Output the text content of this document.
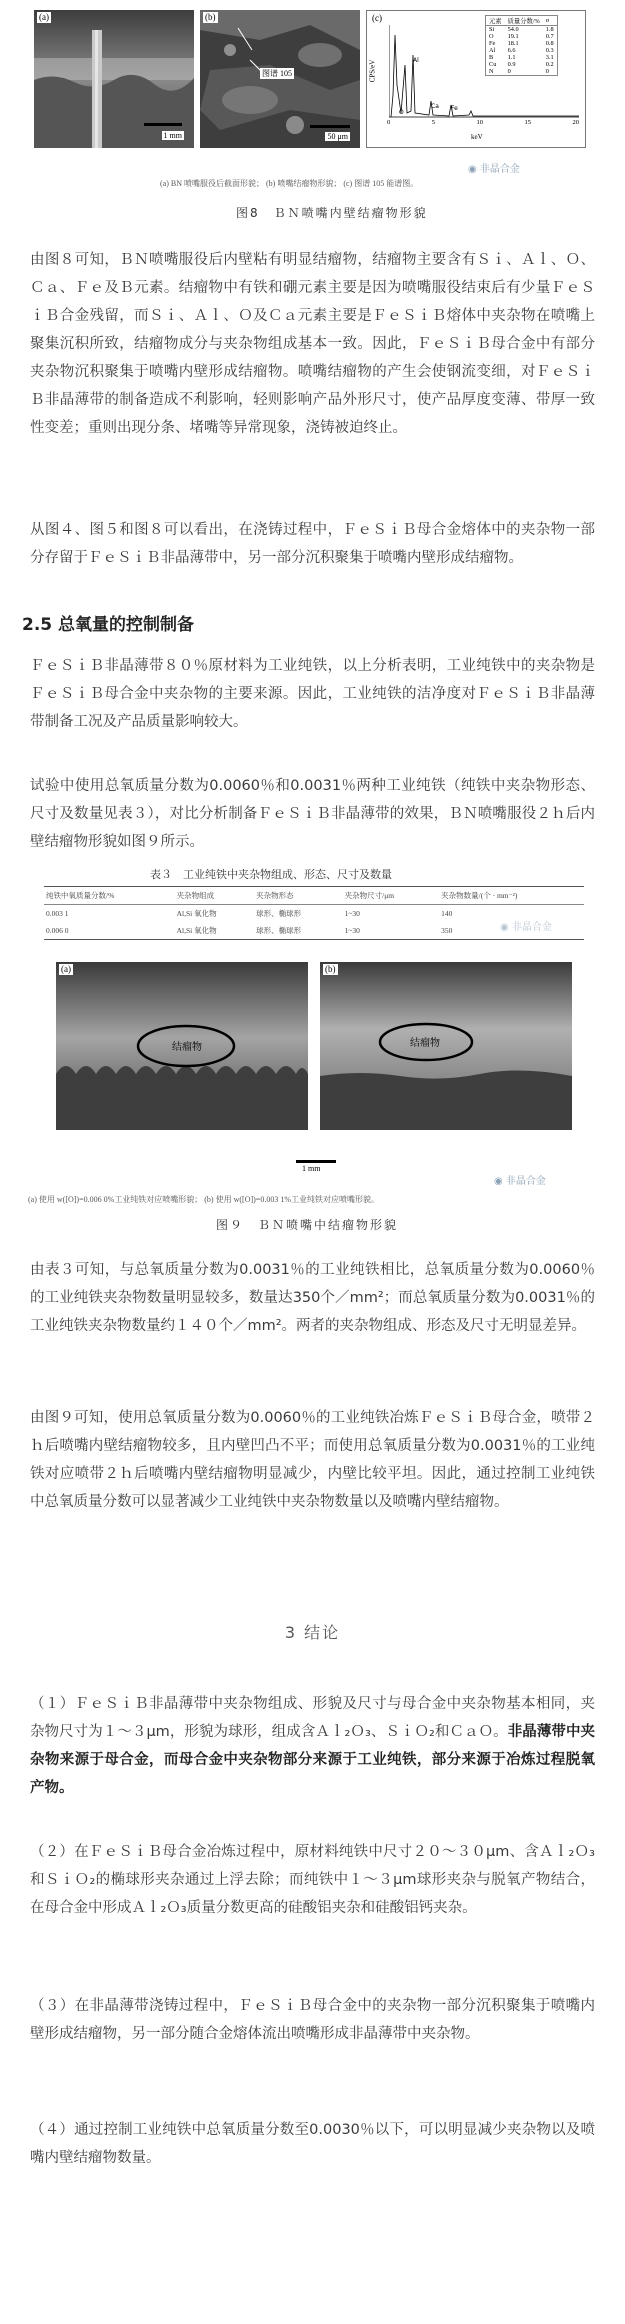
(a)
1 mm
(b)
图谱 105
50 μm
(c)
CPS/eV
O
Al
Ca Fe
0	5	10	15	20
keV
元素	质量分数/%	σ
Si	54.0	1.8
O	19.1	0.7
Fe	18.1	0.8
Al	6.6	0.3
B	1.1	3.1
Cu	0.9	0.2
N	0	0
(a) BN 喷嘴服役后截面形貌； (b) 喷嘴结瘤物形貌； (c) 图谱 105 能谱图。
◉ 非晶合金
图8　ＢＮ喷嘴内壁结瘤物形貌

由图８可知，ＢＮ喷嘴服役后内壁粘有明显结瘤物，结瘤物主要含有Ｓｉ、Ａｌ、Ｏ、Ｃａ、Ｆｅ及Ｂ元素。结瘤物中有铁和硼元素主要是因为喷嘴服役结束后有少量ＦｅＳｉＢ合金残留，而Ｓｉ、Ａｌ、Ｏ及Ｃａ元素主要是ＦｅＳｉＢ熔体中夹杂物在喷嘴上聚集沉积所致，结瘤物成分与夹杂物组成基本一致。因此，ＦｅＳｉＢ母合金中有部分夹杂物沉积聚集于喷嘴内壁形成结瘤物。喷嘴结瘤物的产生会使钢流变细，对ＦｅＳｉＢ非晶薄带的制备造成不利影响，轻则影响产品外形尺寸，使产品厚度变薄、带厚一致性变差；重则出现分条、堵嘴等异常现象，浇铸被迫终止。

从图４、图５和图８可以看出，在浇铸过程中，ＦｅＳｉＢ母合金熔体中的夹杂物一部分存留于ＦｅＳｉＢ非晶薄带中，另一部分沉积聚集于喷嘴内壁形成结瘤物。

2.5 总氧量的控制制备

ＦｅＳｉＢ非晶薄带８０％原材料为工业纯铁，以上分析表明，工业纯铁中的夹杂物是ＦｅＳｉＢ母合金中夹杂物的主要来源。因此，工业纯铁的洁净度对ＦｅＳｉＢ非晶薄带制备工况及产品质量影响较大。

试验中使用总氧质量分数为0.0060％和0.0031％两种工业纯铁（纯铁中夹杂物形态、尺寸及数量见表３），对比分析制备ＦｅＳｉＢ非晶薄带的效果，ＢＮ喷嘴服役２ｈ后内壁结瘤物形貌如图９所示。

表３　工业纯铁中夹杂物组成、形态、尺寸及数量
纯铁中氧质量分数/%	夹杂物组成	夹杂物形态	夹杂物尺寸/μm	夹杂物数量/(个 · mm⁻²)
0.003 1	Al,Si 氧化物	球形、椭球形	1~30	140
0.006 0	Al,Si 氧化物	球形、椭球形	1~30	350	◉ 非晶合金
(a)
结瘤物
(b)
结瘤物
1 mm
◉ 非晶合金
(a) 使用 w([O])=0.006 0%工业纯铁对应喷嘴形貌； (b) 使用 w([O])=0.003 1%工业纯铁对应喷嘴形貌。
图９　ＢＮ喷嘴中结瘤物形貌

由表３可知，与总氧质量分数为0.0031％的工业纯铁相比，总氧质量分数为0.0060％的工业纯铁夹杂物数量明显较多，数量达350个／mm²；而总氧质量分数为0.0031％的工业纯铁夹杂物数量约１４０个／mm²。两者的夹杂物组成、形态及尺寸无明显差异。

由图９可知，使用总氧质量分数为0.0060％的工业纯铁冶炼ＦｅＳｉＢ母合金，喷带２ｈ后喷嘴内壁结瘤物较多，且内壁凹凸不平；而使用总氧质量分数为0.0031％的工业纯铁对应喷带２ｈ后喷嘴内壁结瘤物明显减少，内壁比较平坦。因此，通过控制工业纯铁中总氧质量分数可以显著减少工业纯铁中夹杂物数量以及喷嘴内壁结瘤物。

3 结论

（１）ＦｅＳｉＢ非晶薄带中夹杂物组成、形貌及尺寸与母合金中夹杂物基本相同，夹杂物尺寸为１～３μm，形貌为球形，组成含Ａｌ₂Ｏ₃、ＳｉＯ₂和ＣａＯ。非晶薄带中夹杂物来源于母合金，而母合金中夹杂物部分来源于工业纯铁，部分来源于冶炼过程脱氧产物。

（２）在ＦｅＳｉＢ母合金冶炼过程中，原材料纯铁中尺寸２０～３０μm、含Ａｌ₂Ｏ₃和ＳｉＯ₂的椭球形夹杂通过上浮去除；而纯铁中１～３μm球形夹杂与脱氧产物结合，在母合金中形成Ａｌ₂Ｏ₃质量分数更高的硅酸铝夹杂和硅酸铝钙夹杂。

（３）在非晶薄带浇铸过程中，ＦｅＳｉＢ母合金中的夹杂物一部分沉积聚集于喷嘴内壁形成结瘤物，另一部分随合金熔体流出喷嘴形成非晶薄带中夹杂物。

（４）通过控制工业纯铁中总氧质量分数至0.0030％以下，可以明显减少夹杂物以及喷嘴内壁结瘤物数量。
